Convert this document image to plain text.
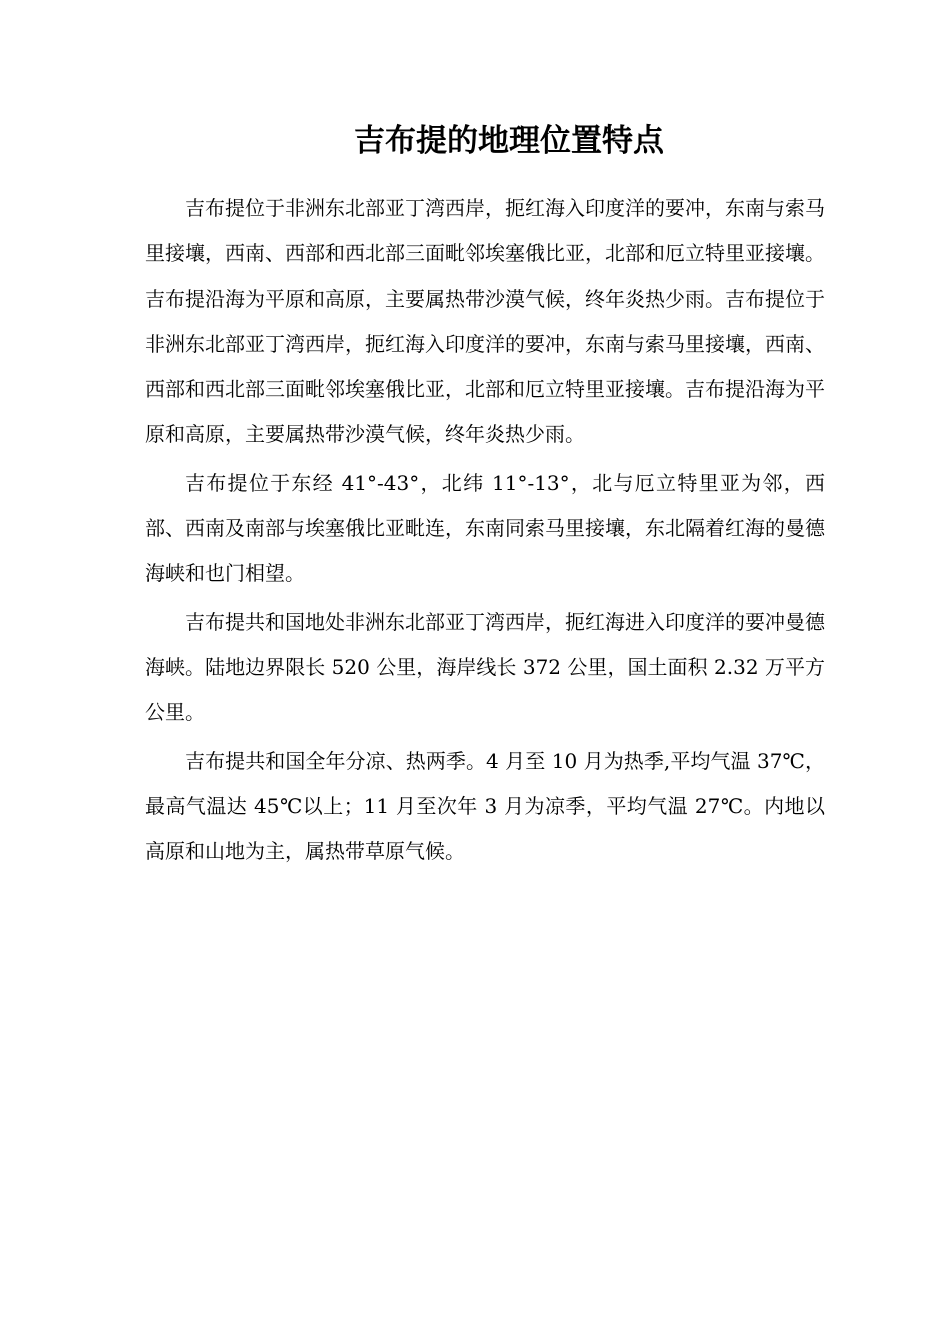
吉布提的地理位置特点

吉布提位于非洲东北部亚丁湾西岸，扼红海入印度洋的要冲，东南与索马里接壤，西南、西部和西北部三面毗邻埃塞俄比亚，北部和厄立特里亚接壤。吉布提沿海为平原和高原，主要属热带沙漠气候，终年炎热少雨。吉布提位于非洲东北部亚丁湾西岸，扼红海入印度洋的要冲，东南与索马里接壤，西南、西部和西北部三面毗邻埃塞俄比亚，北部和厄立特里亚接壤。吉布提沿海为平原和高原，主要属热带沙漠气候，终年炎热少雨。

吉布提位于东经 41°-43°，北纬 11°-13°，北与厄立特里亚为邻，西部、西南及南部与埃塞俄比亚毗连，东南同索马里接壤，东北隔着红海的曼德海峡和也门相望。

吉布提共和国地处非洲东北部亚丁湾西岸，扼红海进入印度洋的要冲曼德海峡。陆地边界限长 520 公里，海岸线长 372 公里，国土面积 2.32 万平方公里。

吉布提共和国全年分凉、热两季。4 月至 10 月为热季,平均气温 37℃，最高气温达 45℃以上；11 月至次年 3 月为凉季，平均气温 27℃。内地以高原和山地为主，属热带草原气候。
